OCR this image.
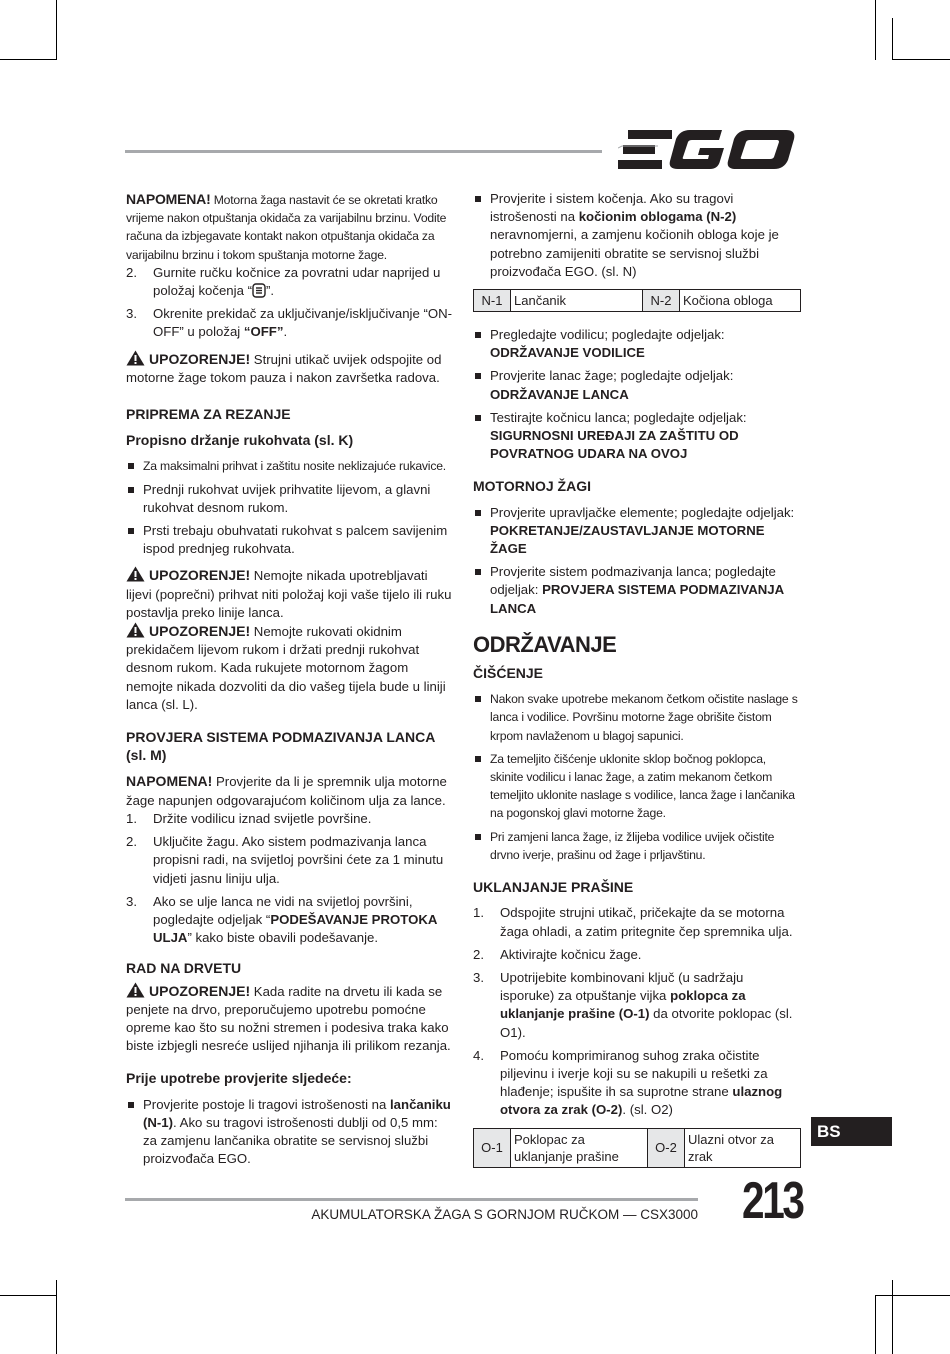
NAPOMENA! Motorna žaga nastavit će se okretati kratko vrijeme nakon otpuštanja okidača za varijabilnu brzinu. Vodite računa da izbjegavate kontakt nakon otpuštanja okidača za varijabilnu brzinu i tokom spuštanja motorne žage.

2. Gurnite ručku kočnice za povratni udar naprijed u položaj kočenja “ ”.
3. Okrenite prekidač za uključivanje/isključivanje “ON-OFF” u položaj “OFF”.

UPOZORENJE! Strujni utikač uvijek odspojite od motorne žage tokom pauza i nakon završetka radova.

PRIPREMA ZA REZANJE
Propisno držanje rukohvata (sl. K)
Za maksimalni prihvat i zaštitu nosite neklizajuće rukavice.
Prednji rukohvat uvijek prihvatite lijevom, a glavni rukohvat desnom rukom.
Prsti trebaju obuhvatati rukohvat s palcem savijenim ispod prednjeg rukohvata.

UPOZORENJE! Nemojte nikada upotrebljavati lijevi (poprečni) prihvat niti položaj koji vaše tijelo ili ruku postavlja preko linije lanca.

UPOZORENJE! Nemojte rukovati okidnim prekidačem lijevom rukom i držati prednji rukohvat desnom rukom. Kada rukujete motornom žagom nemojte nikada dozvoliti da dio vašeg tijela bude u liniji lanca (sl. L).

PROVJERA SISTEMA PODMAZIVANJA LANCA (sl. M)

NAPOMENA! Provjerite da li je spremnik ulja motorne žage napunjen odgovarajućom količinom ulja za lance.

1. Držite vodilicu iznad svijetle površine.
2. Uključite žagu. Ako sistem podmazivanja lanca propisni radi, na svijetloj površini ćete za 1 minutu vidjeti jasnu liniju ulja.
3. Ako se ulje lanca ne vidi na svijetloj površini, pogledajte odjeljak “PODEŠAVANJE PROTOKA ULJA” kako biste obavili podešavanje.
RAD NA DRVETU

UPOZORENJE! Kada radite na drvetu ili kada se penjete na drvo, preporučujemo upotrebu pomoćne opreme kao što su nožni stremen i podesiva traka kako biste izbjegli nesreće uslijed njihanja ili prilikom rezanja.

Prije upotrebe provjerite sljedeće:
Provjerite postoje li tragovi istrošenosti na lančaniku (N-1). Ako su tragovi istrošenosti dublji od 0,5 mm: za zamjenu lančanika obratite se servisnoj službi proizvođača EGO.
Provjerite i sistem kočenja. Ako su tragovi istrošenosti na kočionim oblogama (N-2) neravnomjerni, a zamjenu kočionih obloga koje je potrebno zamijeniti obratite se servisnoj službi proizvođača EGO. (sl. N)
N-1	Lančanik	N-2	Kočiona obloga
Pregledajte vodilicu; pogledajte odjeljak: ODRŽAVANJE VODILICE
Provjerite lanac žage; pogledajte odjeljak: ODRŽAVANJE LANCA
Testirajte kočnicu lanca; pogledajte odjeljak: SIGURNOSNI UREĐAJI ZA ZAŠTITU OD POVRATNOG UDARA NA OVOJ
MOTORNOJ ŽAGI
Provjerite upravljačke elemente; pogledajte odjeljak: POKRETANJE/ZAUSTAVLJANJE MOTORNE ŽAGE
Provjerite sistem podmazivanja lanca; pogledajte odjeljak: PROVJERA SISTEMA PODMAZIVANJA LANCA
ODRŽAVANJE
ČIŠĆENJE
Nakon svake upotrebe mekanom četkom očistite naslage s lanca i vodilice. Površinu motorne žage obrišite čistom krpom navlaženom u blagoj sapunici.
Za temeljito čišćenje uklonite sklop bočnog poklopca, skinite vodilicu i lanac žage, a zatim mekanom četkom temeljito uklonite naslage s vodilice, lanca žage i lančanika na pogonskoj glavi motorne žage.
Pri zamjeni lanca žage, iz žlijeba vodilice uvijek očistite drvno iverje, prašinu od žage i prljavštinu.
UKLANJANJE PRAŠINE
1. Odspojite strujni utikač, pričekajte da se motorna žaga ohladi, a zatim pritegnite čep spremnika ulja.
2. Aktivirajte kočnicu žage.
3. Upotrijebite kombinovani ključ (u sadržaju isporuke) za otpuštanje vijka poklopca za uklanjanje prašine (O-1) da otvorite poklopac (sl. O1).
4. Pomoću komprimiranog suhog zraka očistite piljevinu i iverje koji su se nakupili u rešetki za hlađenje; ispušite ih sa suprotne strane ulaznog otvora za zrak (O-2). (sl. O2)
O-1	Poklopac za uklanjanje prašine	O-2	Ulazni otvor za zrak
BS
AKUMULATORSKA ŽAGA S GORNJOM RUČKOM — CSX3000 213
